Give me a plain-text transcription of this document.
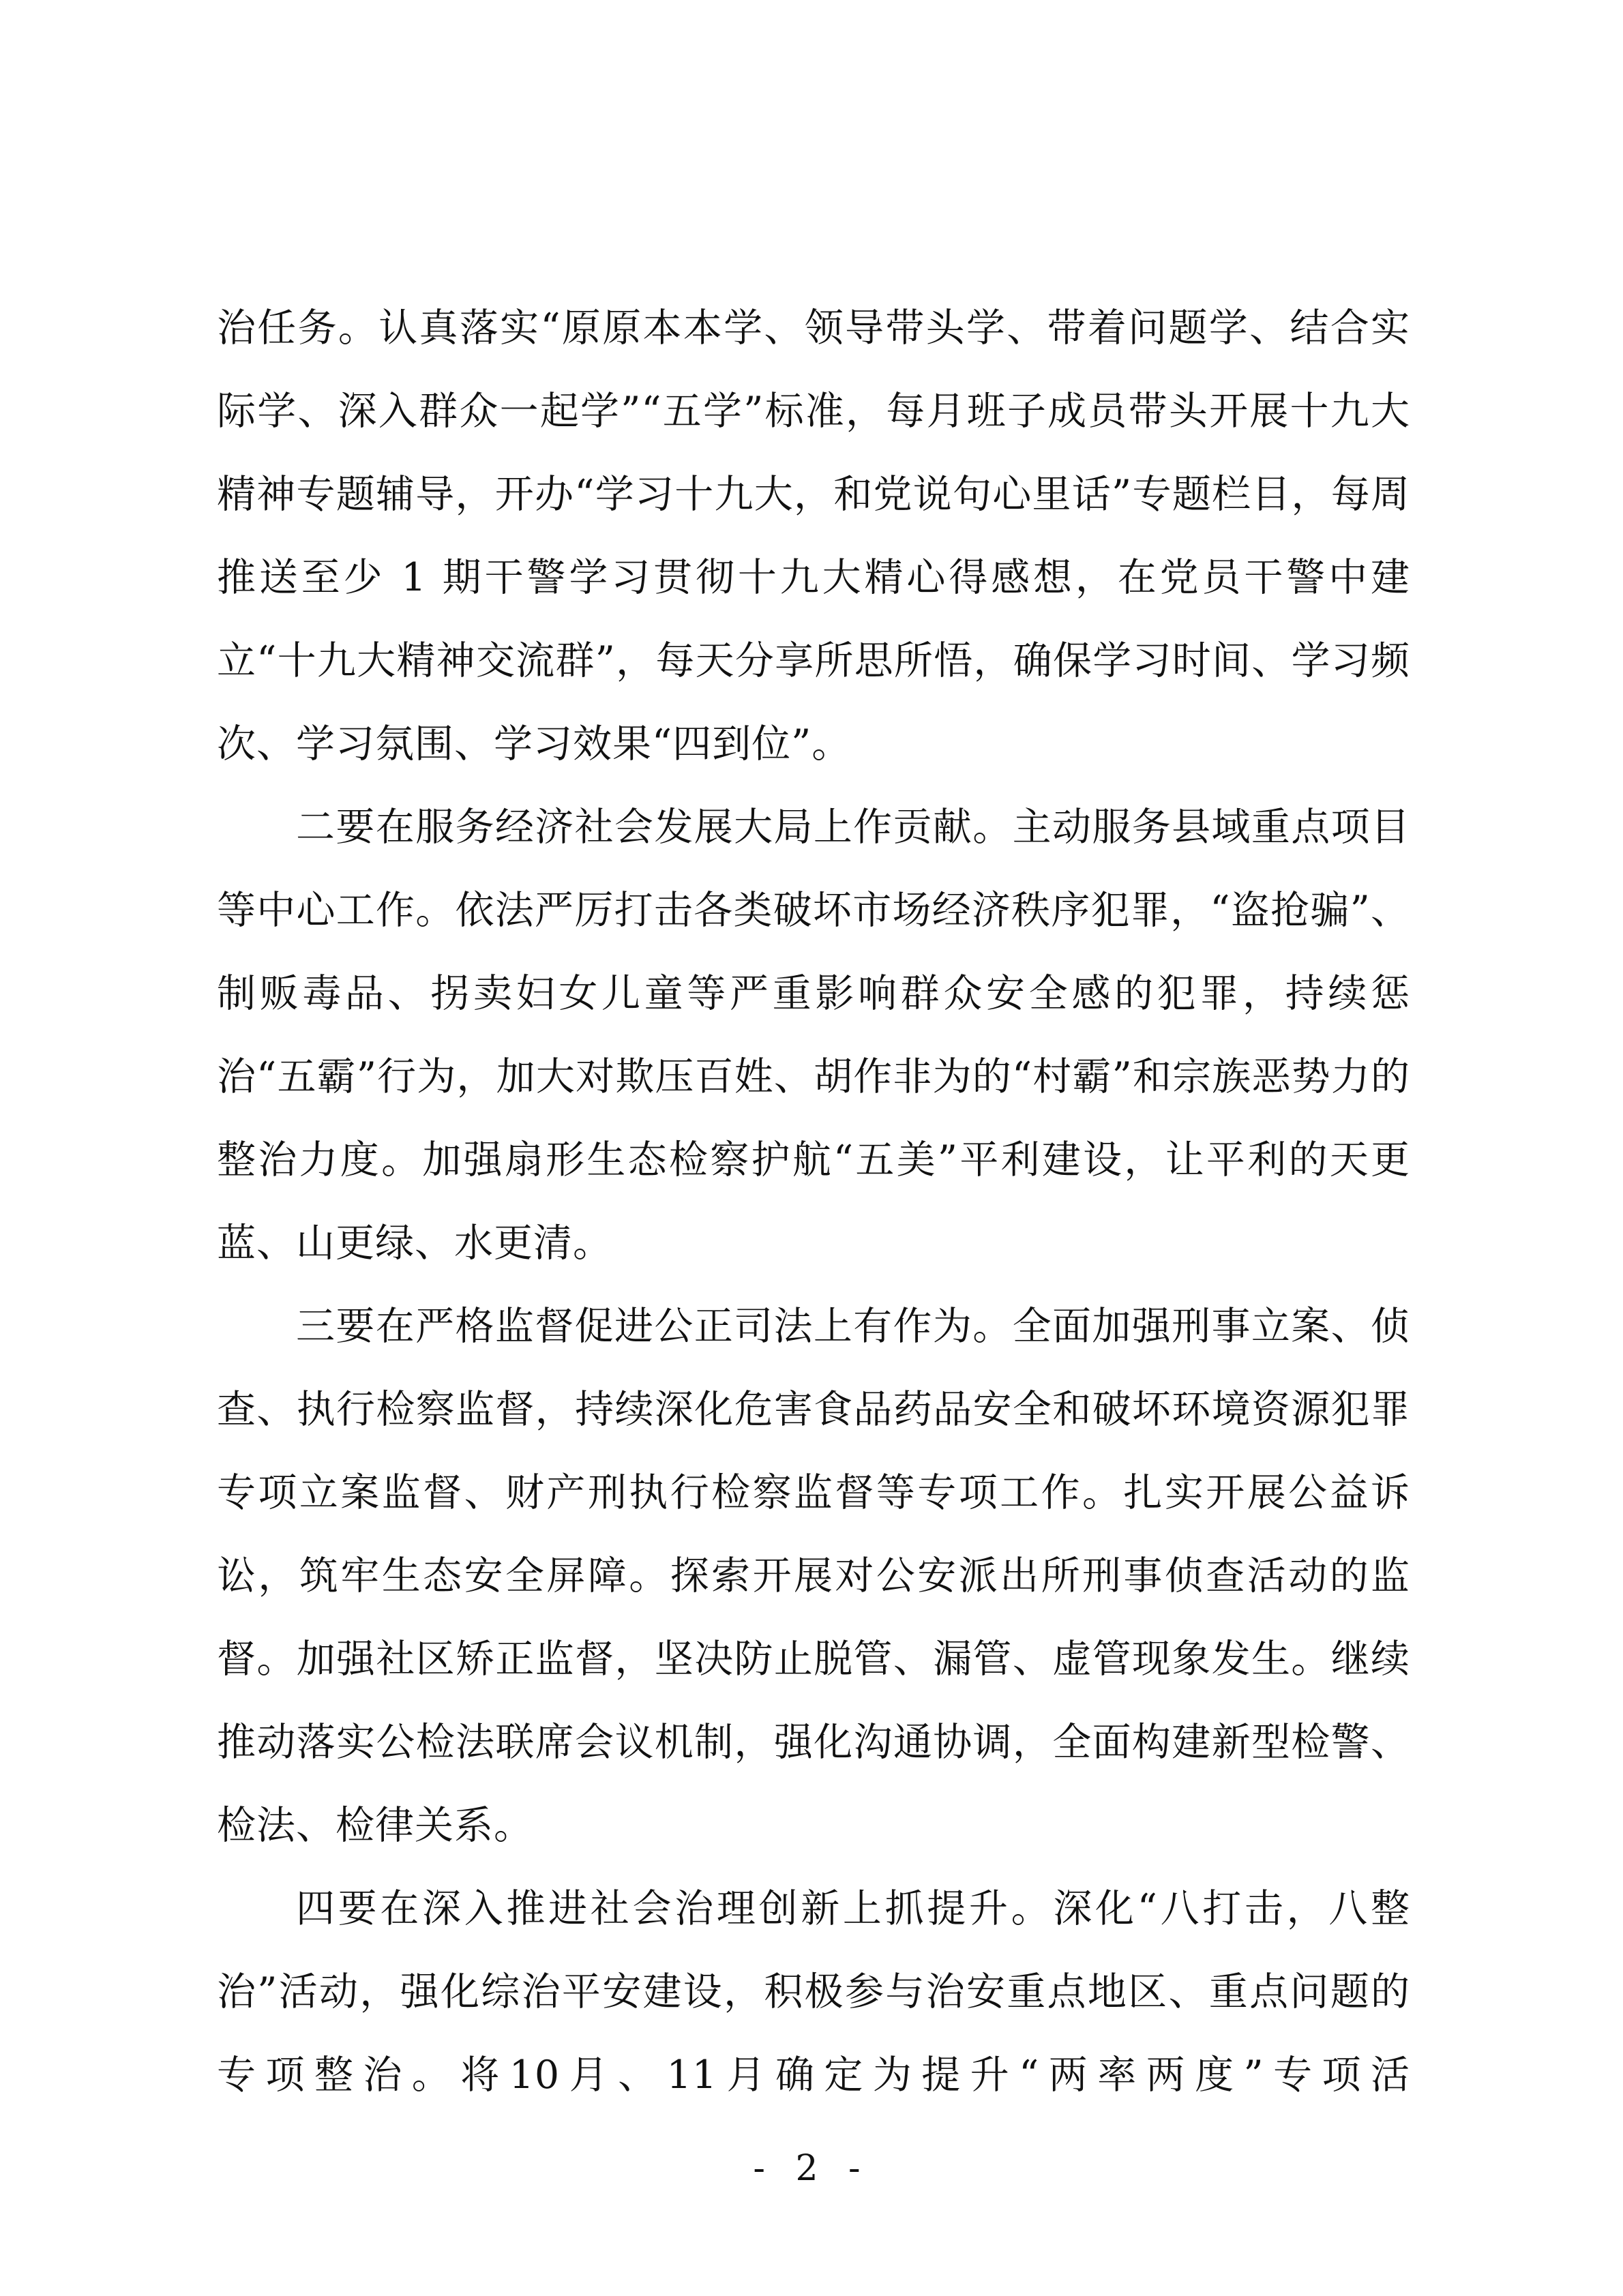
治任务。认真落实“原原本本学、领导带头学、带着问题学、结合实际学、深入群众一起学”“五学”标准，每月班子成员带头开展十九大精神专题辅导，开办“学习十九大，和党说句心里话”专题栏目，每周推送至少 1 期干警学习贯彻十九大精心得感想，在党员干警中建立“十九大精神交流群”，每天分享所思所悟，确保学习时间、学习频次、学习氛围、学习效果“四到位”。

二要在服务经济社会发展大局上作贡献。主动服务县域重点项目等中心工作。依法严厉打击各类破坏市场经济秩序犯罪，“盗抢骗”、制贩毒品、拐卖妇女儿童等严重影响群众安全感的犯罪，持续惩治“五霸”行为，加大对欺压百姓、胡作非为的“村霸”和宗族恶势力的整治力度。加强扇形生态检察护航“五美”平利建设，让平利的天更蓝、山更绿、水更清。

三要在严格监督促进公正司法上有作为。全面加强刑事立案、侦查、执行检察监督，持续深化危害食品药品安全和破坏环境资源犯罪专项立案监督、财产刑执行检察监督等专项工作。扎实开展公益诉讼，筑牢生态安全屏障。探索开展对公安派出所刑事侦查活动的监督。加强社区矫正监督，坚决防止脱管、漏管、虚管现象发生。继续推动落实公检法联席会议机制，强化沟通协调，全面构建新型检警、检法、检律关系。

四要在深入推进社会治理创新上抓提升。深化“八打击，八整治”活动，强化综治平安建设，积极参与治安重点地区、重点问题的专项整治。将10月、11月确定为提升“两率两度”专项活

- 2 -
